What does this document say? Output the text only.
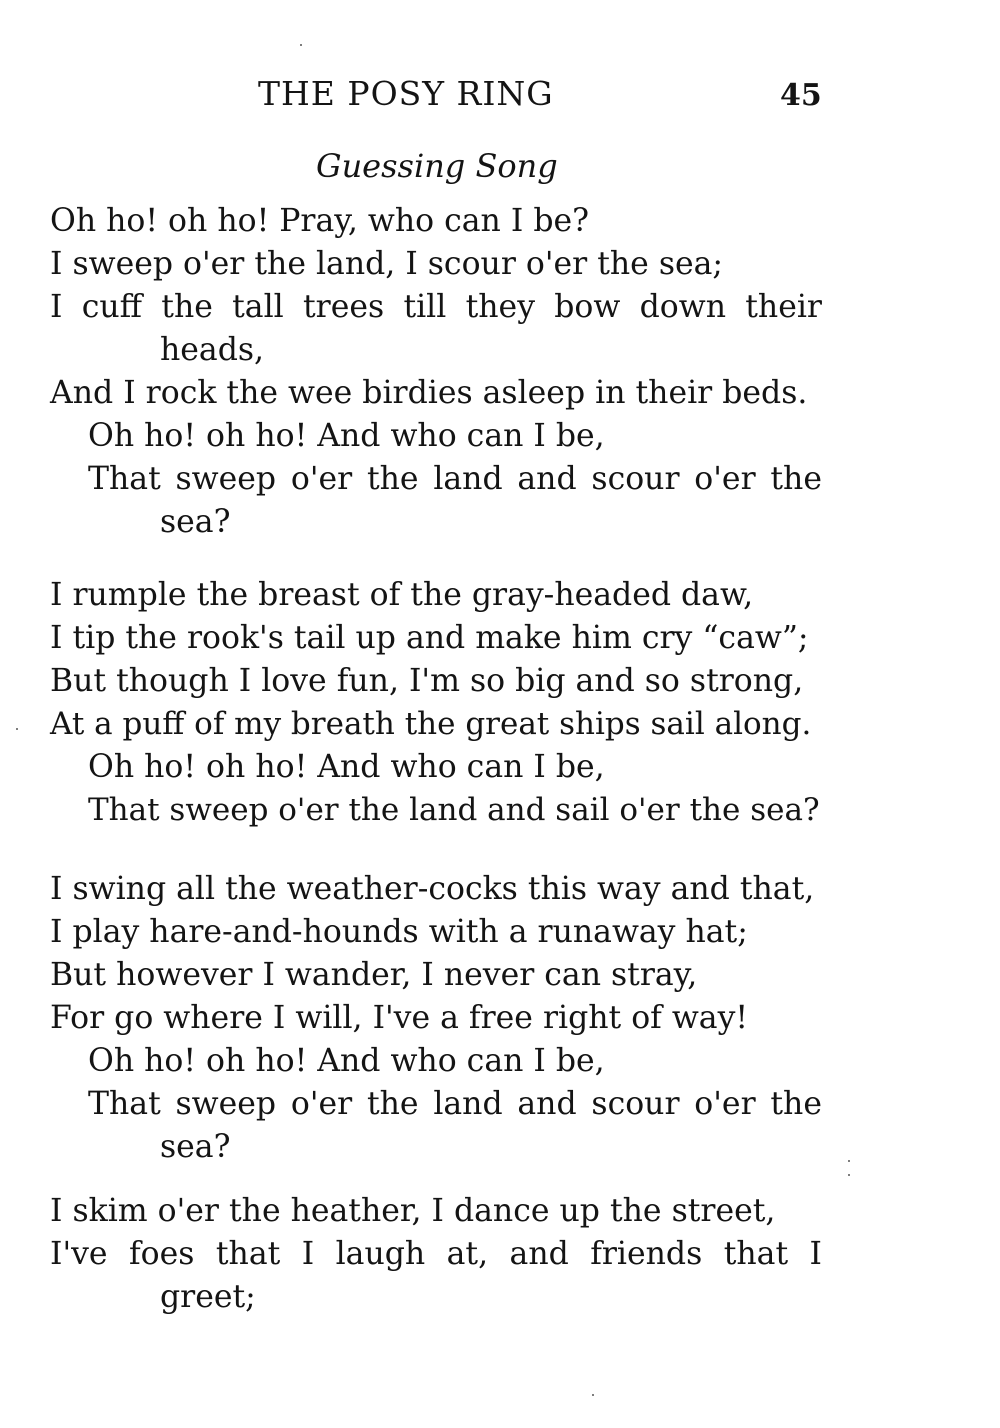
THE POSY RING	45
Guessing Song
Oh ho! oh ho! Pray, who can I be?
I sweep o'er the land, I scour o'er the sea;
I cuff the tall trees till they bow down their
heads,
And I rock the wee birdies asleep in their beds.
Oh ho! oh ho! And who can I be,
That sweep o'er the land and scour o'er the
sea?
I rumple the breast of the gray-headed daw,
I tip the rook's tail up and make him cry “caw”;
But though I love fun, I'm so big and so strong,
At a puff of my breath the great ships sail along.
Oh ho! oh ho! And who can I be,
That sweep o'er the land and sail o'er the sea?
I swing all the weather-cocks this way and that,
I play hare-and-hounds with a runaway hat;
But however I wander, I never can stray,
For go where I will, I've a free right of way!
Oh ho! oh ho! And who can I be,
That sweep o'er the land and scour o'er the
sea?
I skim o'er the heather, I dance up the street,
I've foes that I laugh at, and friends that I
greet;
